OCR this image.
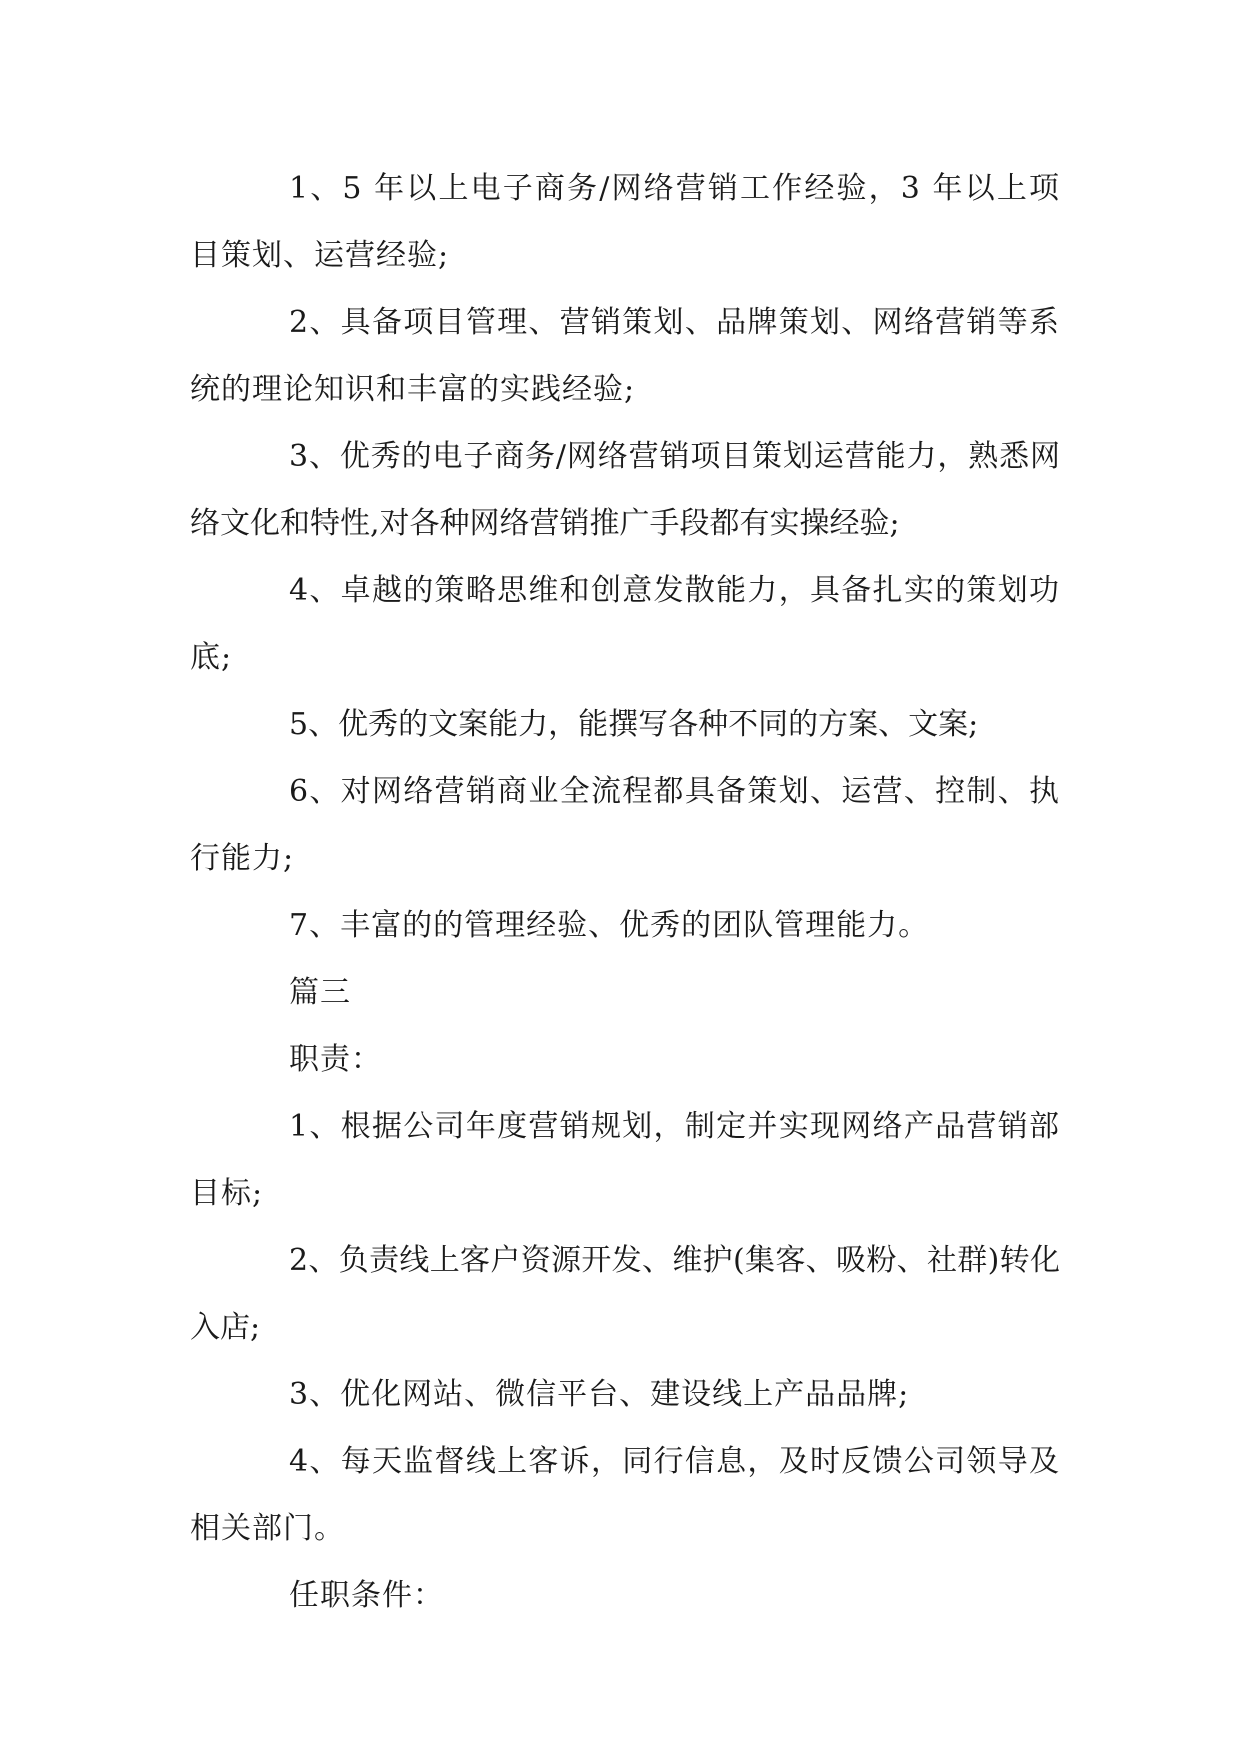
1、5 年以上电子商务/网络营销工作经验，3 年以上项目策划、运营经验;

2、具备项目管理、营销策划、品牌策划、网络营销等系统的理论知识和丰富的实践经验;

3、优秀的电子商务/网络营销项目策划运营能力，熟悉网络文化和特性,对各种网络营销推广手段都有实操经验;

4、卓越的策略思维和创意发散能力，具备扎实的策划功底;

5、优秀的文案能力，能撰写各种不同的方案、文案;

6、对网络营销商业全流程都具备策划、运营、控制、执行能力;

7、丰富的的管理经验、优秀的团队管理能力。

篇三

职责：

1、根据公司年度营销规划，制定并实现网络产品营销部目标;

2、负责线上客户资源开发、维护(集客、吸粉、社群)转化入店;

3、优化网站、微信平台、建设线上产品品牌;

4、每天监督线上客诉，同行信息，及时反馈公司领导及相关部门。

任职条件：
